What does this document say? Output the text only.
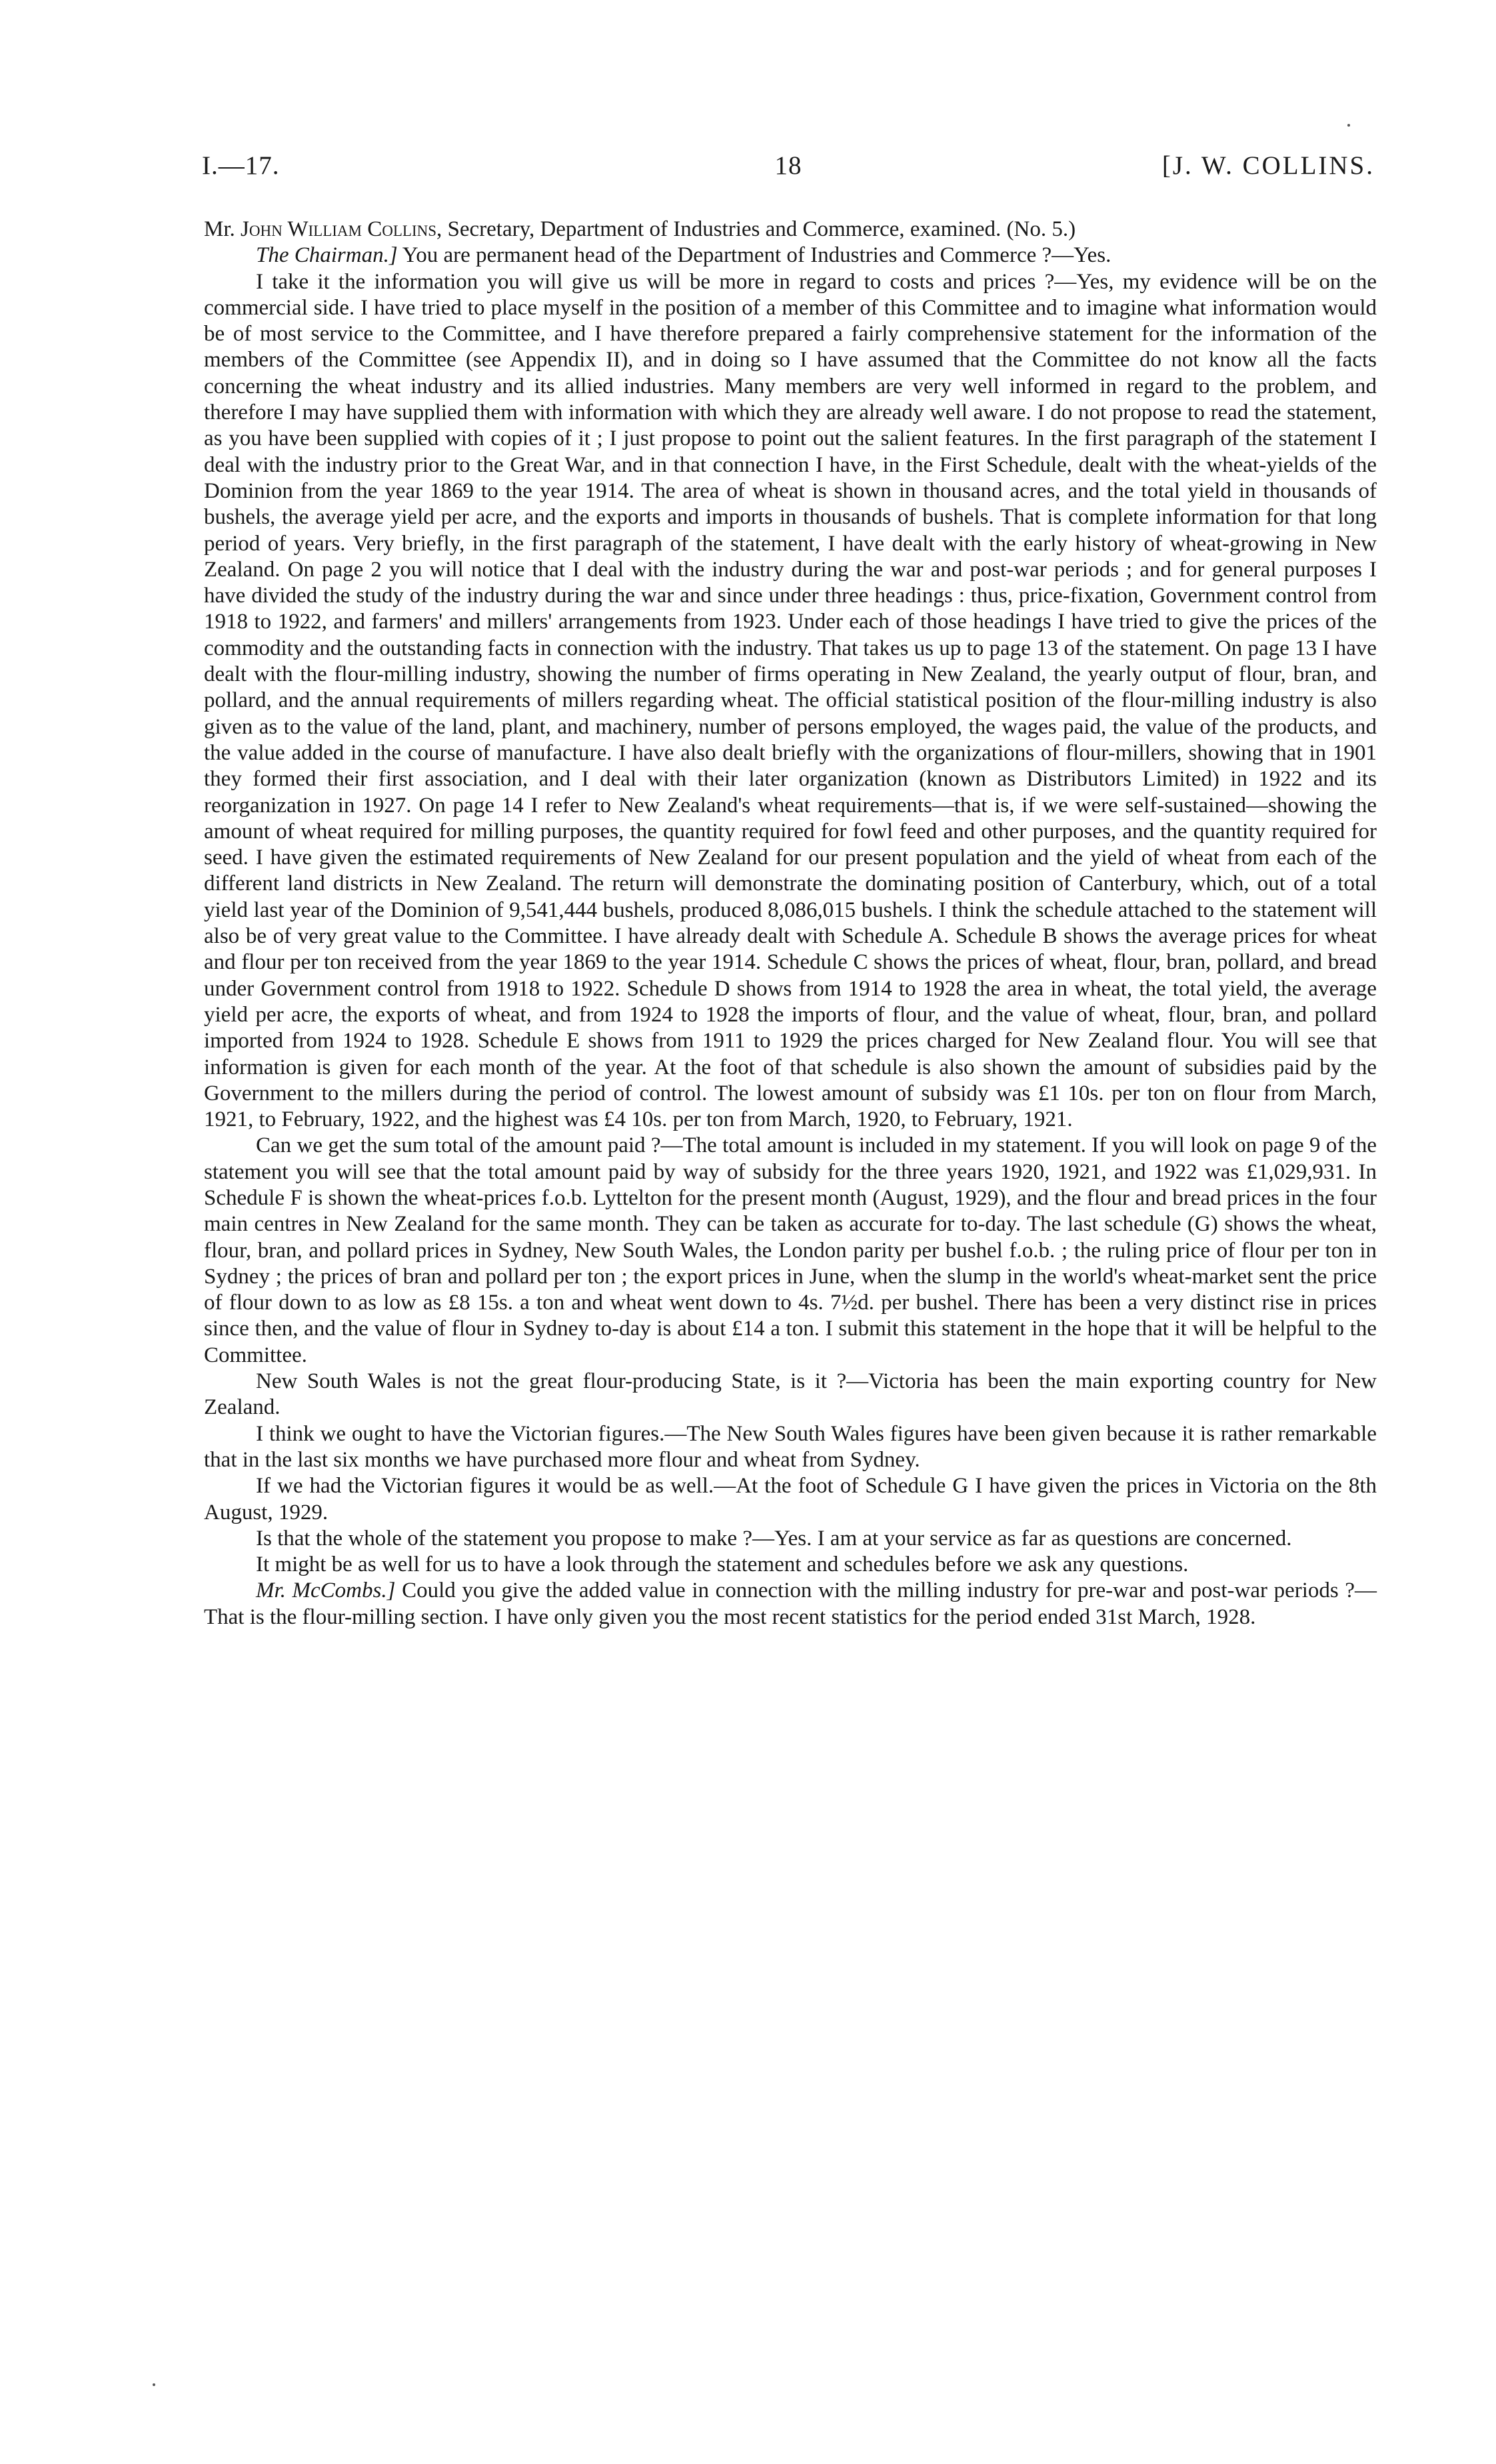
I.—17.	18	[J. W. COLLINS.

Mr. John William Collins, Secretary, Department of Industries and Commerce, examined. (No. 5.)

The Chairman.] You are permanent head of the Department of Industries and Commerce ?—Yes.

I take it the information you will give us will be more in regard to costs and prices ?—Yes, my evidence will be on the commercial side. I have tried to place myself in the position of a member of this Committee and to imagine what information would be of most service to the Committee, and I have therefore prepared a fairly comprehensive statement for the information of the members of the Committee (see Appendix II), and in doing so I have assumed that the Committee do not know all the facts concerning the wheat industry and its allied industries. Many members are very well informed in regard to the problem, and therefore I may have supplied them with information with which they are already well aware. I do not propose to read the statement, as you have been supplied with copies of it ; I just propose to point out the salient features. In the first paragraph of the statement I deal with the industry prior to the Great War, and in that connection I have, in the First Schedule, dealt with the wheat-yields of the Dominion from the year 1869 to the year 1914. The area of wheat is shown in thousand acres, and the total yield in thousands of bushels, the average yield per acre, and the exports and imports in thousands of bushels. That is complete information for that long period of years. Very briefly, in the first paragraph of the statement, I have dealt with the early history of wheat-growing in New Zealand. On page 2 you will notice that I deal with the industry during the war and post-war periods ; and for general purposes I have divided the study of the industry during the war and since under three headings : thus, price-fixation, Government control from 1918 to 1922, and farmers' and millers' arrangements from 1923. Under each of those headings I have tried to give the prices of the commodity and the outstanding facts in connection with the industry. That takes us up to page 13 of the statement. On page 13 I have dealt with the flour-milling industry, showing the number of firms operating in New Zealand, the yearly output of flour, bran, and pollard, and the annual requirements of millers regarding wheat. The official statistical position of the flour-milling industry is also given as to the value of the land, plant, and machinery, number of persons employed, the wages paid, the value of the products, and the value added in the course of manufacture. I have also dealt briefly with the organizations of flour-millers, showing that in 1901 they formed their first association, and I deal with their later organization (known as Distributors Limited) in 1922 and its reorganization in 1927. On page 14 I refer to New Zealand's wheat requirements—that is, if we were self-sustained—showing the amount of wheat required for milling purposes, the quantity required for fowl feed and other purposes, and the quantity required for seed. I have given the estimated requirements of New Zealand for our present population and the yield of wheat from each of the different land districts in New Zealand. The return will demonstrate the dominating position of Canterbury, which, out of a total yield last year of the Dominion of 9,541,444 bushels, produced 8,086,015 bushels. I think the schedule attached to the statement will also be of very great value to the Committee. I have already dealt with Schedule A. Schedule B shows the average prices for wheat and flour per ton received from the year 1869 to the year 1914. Schedule C shows the prices of wheat, flour, bran, pollard, and bread under Government control from 1918 to 1922. Schedule D shows from 1914 to 1928 the area in wheat, the total yield, the average yield per acre, the exports of wheat, and from 1924 to 1928 the imports of flour, and the value of wheat, flour, bran, and pollard imported from 1924 to 1928. Schedule E shows from 1911 to 1929 the prices charged for New Zealand flour. You will see that information is given for each month of the year. At the foot of that schedule is also shown the amount of subsidies paid by the Government to the millers during the period of control. The lowest amount of subsidy was £1 10s. per ton on flour from March, 1921, to February, 1922, and the highest was £4 10s. per ton from March, 1920, to February, 1921.

Can we get the sum total of the amount paid ?—The total amount is included in my statement. If you will look on page 9 of the statement you will see that the total amount paid by way of subsidy for the three years 1920, 1921, and 1922 was £1,029,931. In Schedule F is shown the wheat-prices f.o.b. Lyttelton for the present month (August, 1929), and the flour and bread prices in the four main centres in New Zealand for the same month. They can be taken as accurate for to-day. The last schedule (G) shows the wheat, flour, bran, and pollard prices in Sydney, New South Wales, the London parity per bushel f.o.b. ; the ruling price of flour per ton in Sydney ; the prices of bran and pollard per ton ; the export prices in June, when the slump in the world's wheat-market sent the price of flour down to as low as £8 15s. a ton and wheat went down to 4s. 7½d. per bushel. There has been a very distinct rise in prices since then, and the value of flour in Sydney to-day is about £14 a ton. I submit this statement in the hope that it will be helpful to the Committee.

New South Wales is not the great flour-producing State, is it ?—Victoria has been the main exporting country for New Zealand.

I think we ought to have the Victorian figures.—The New South Wales figures have been given because it is rather remarkable that in the last six months we have purchased more flour and wheat from Sydney.

If we had the Victorian figures it would be as well.—At the foot of Schedule G I have given the prices in Victoria on the 8th August, 1929.

Is that the whole of the statement you propose to make ?—Yes. I am at your service as far as questions are concerned.

It might be as well for us to have a look through the statement and schedules before we ask any questions.

Mr. McCombs.] Could you give the added value in connection with the milling industry for pre-war and post-war periods ?—That is the flour-milling section. I have only given you the most recent statistics for the period ended 31st March, 1928.
